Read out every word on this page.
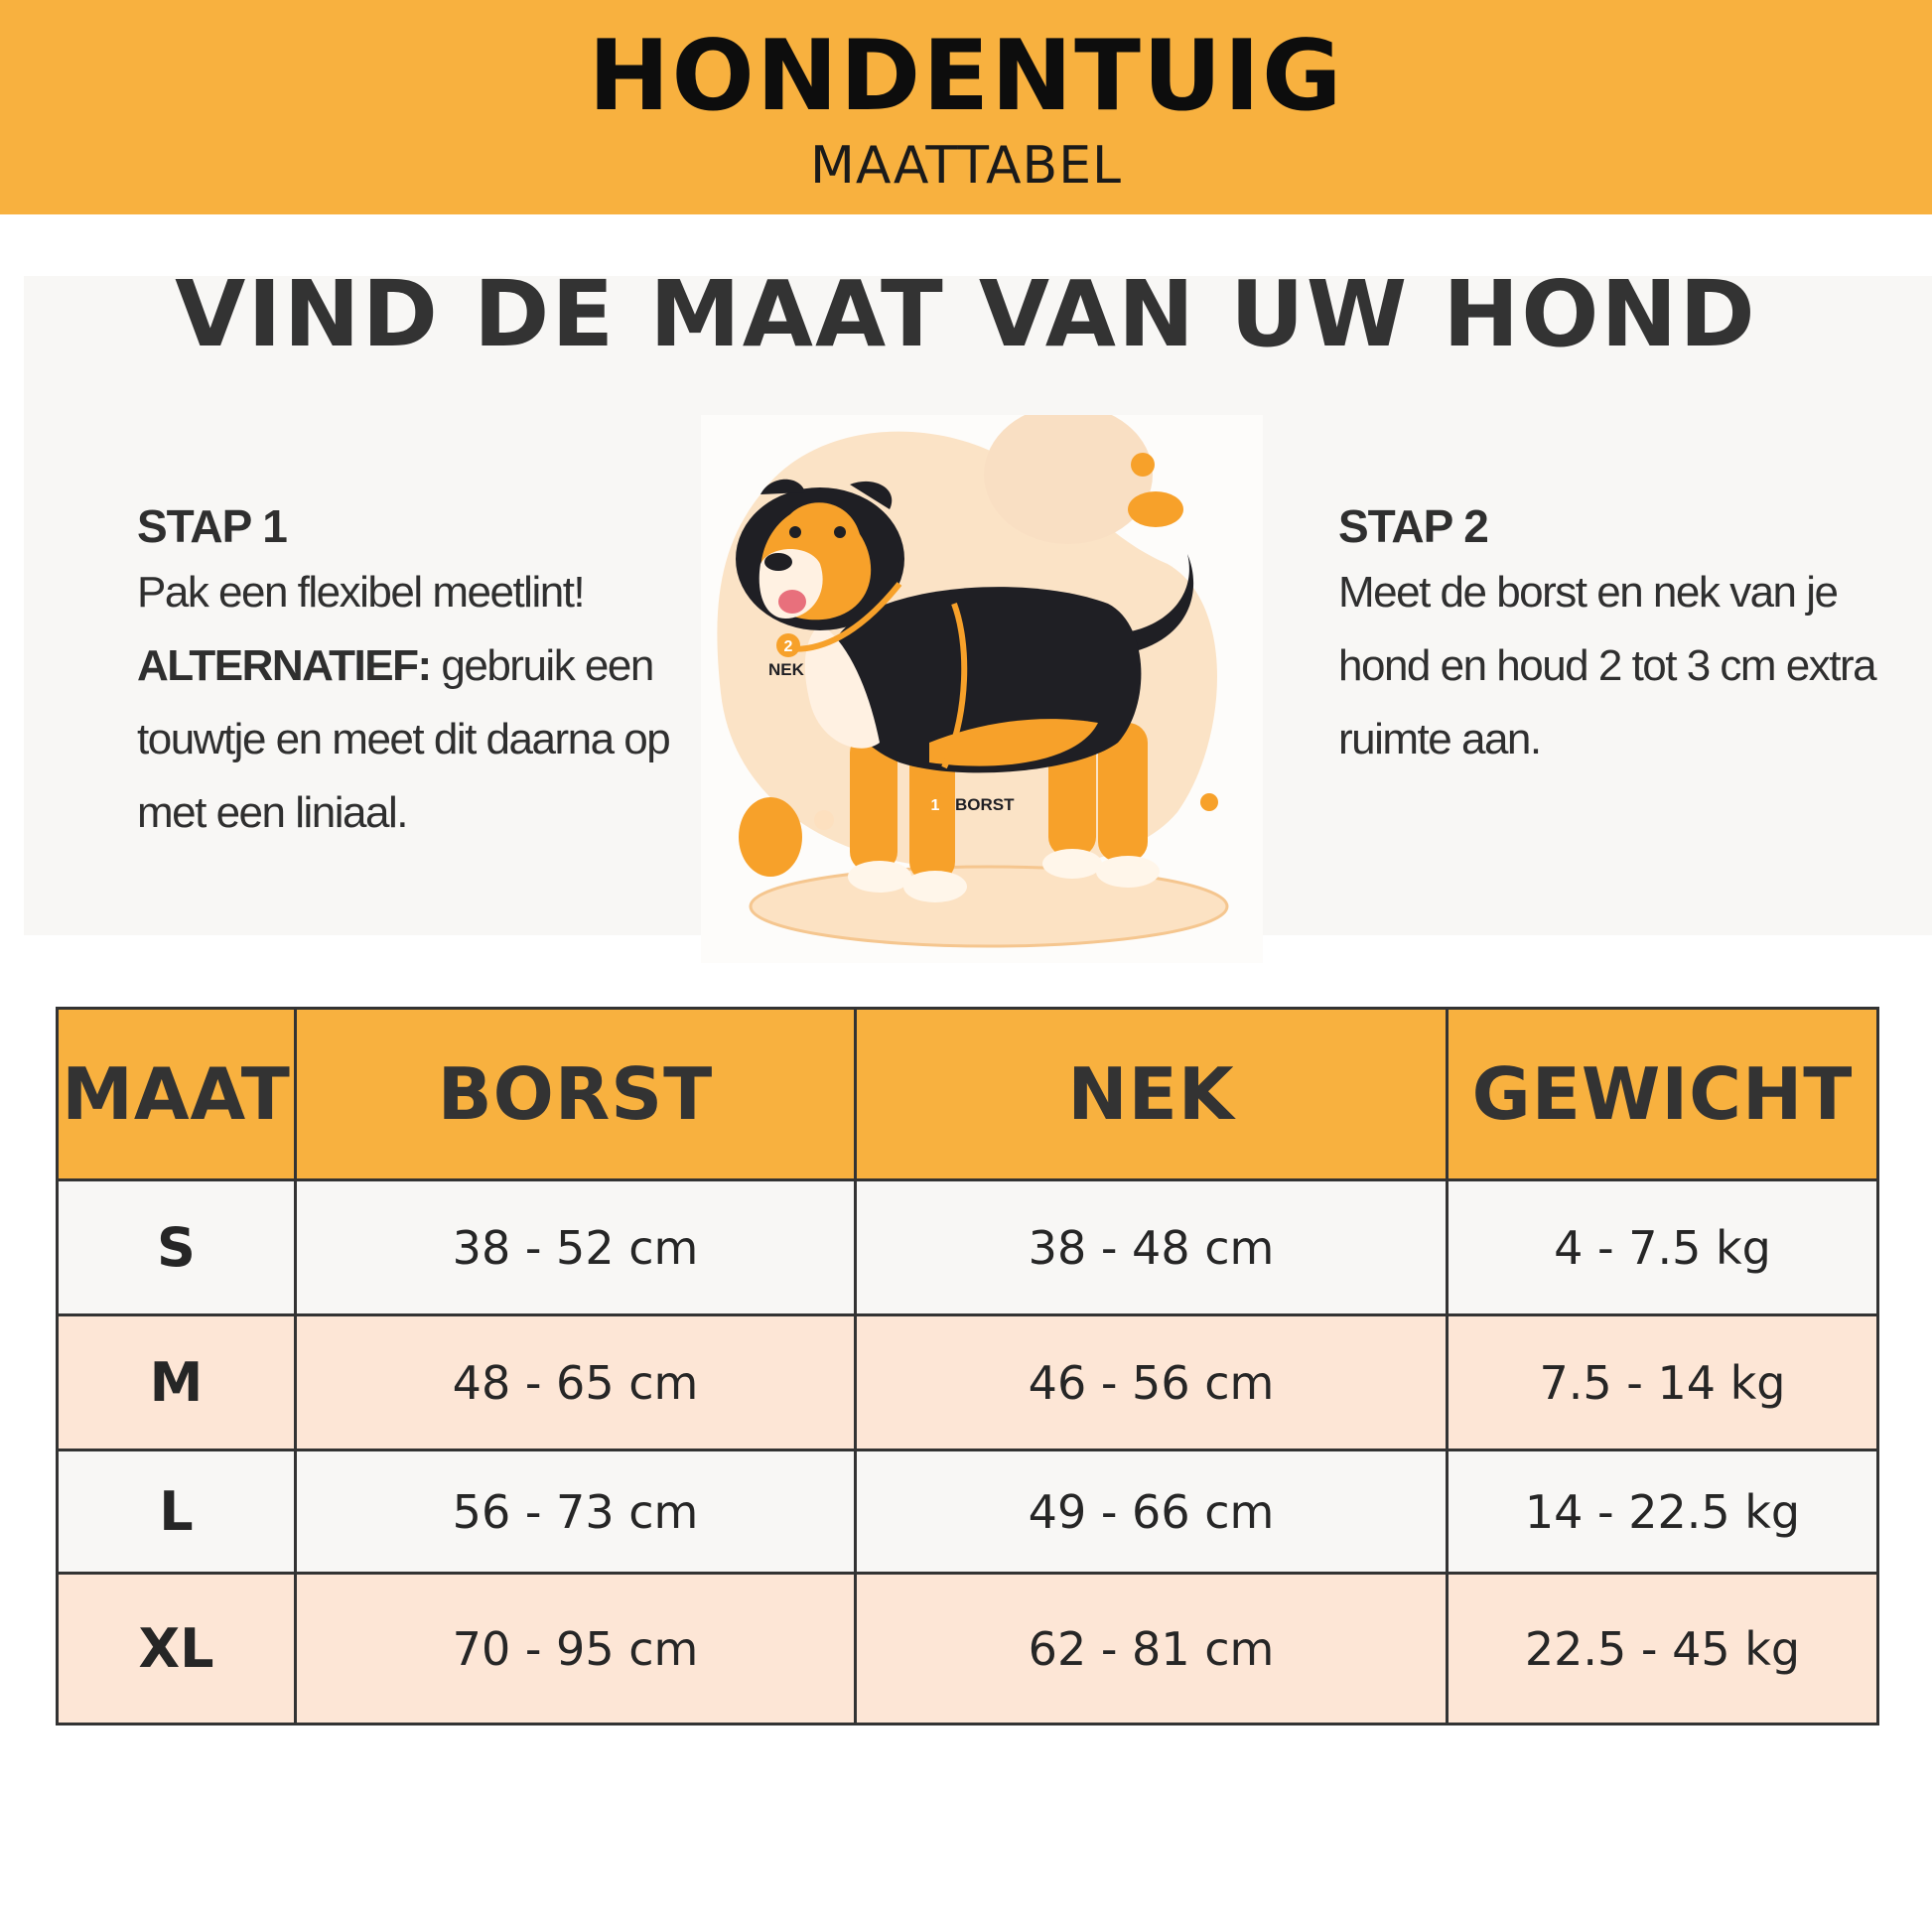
HONDENTUIG
MAATTABEL
VIND DE MAAT VAN UW HOND
STAP 1
Pak een flexibel meetlint!
ALTERNATIEF: gebruik een touwtje en meet dit daarna op met een liniaal.
STAP 2
Meet de borst en nek van je hond en houd 2 tot 3 cm extra ruimte aan.
2
NEK
1 BORST
MAAT	BORST	NEK	GEWICHT
S	38 - 52 cm	38 - 48 cm	4 - 7.5 kg
M	48 - 65 cm	46 - 56 cm	7.5 - 14 kg
L	56 - 73 cm	49 - 66 cm	14 - 22.5 kg
XL	70 - 95 cm	62 - 81 cm	22.5 - 45 kg
